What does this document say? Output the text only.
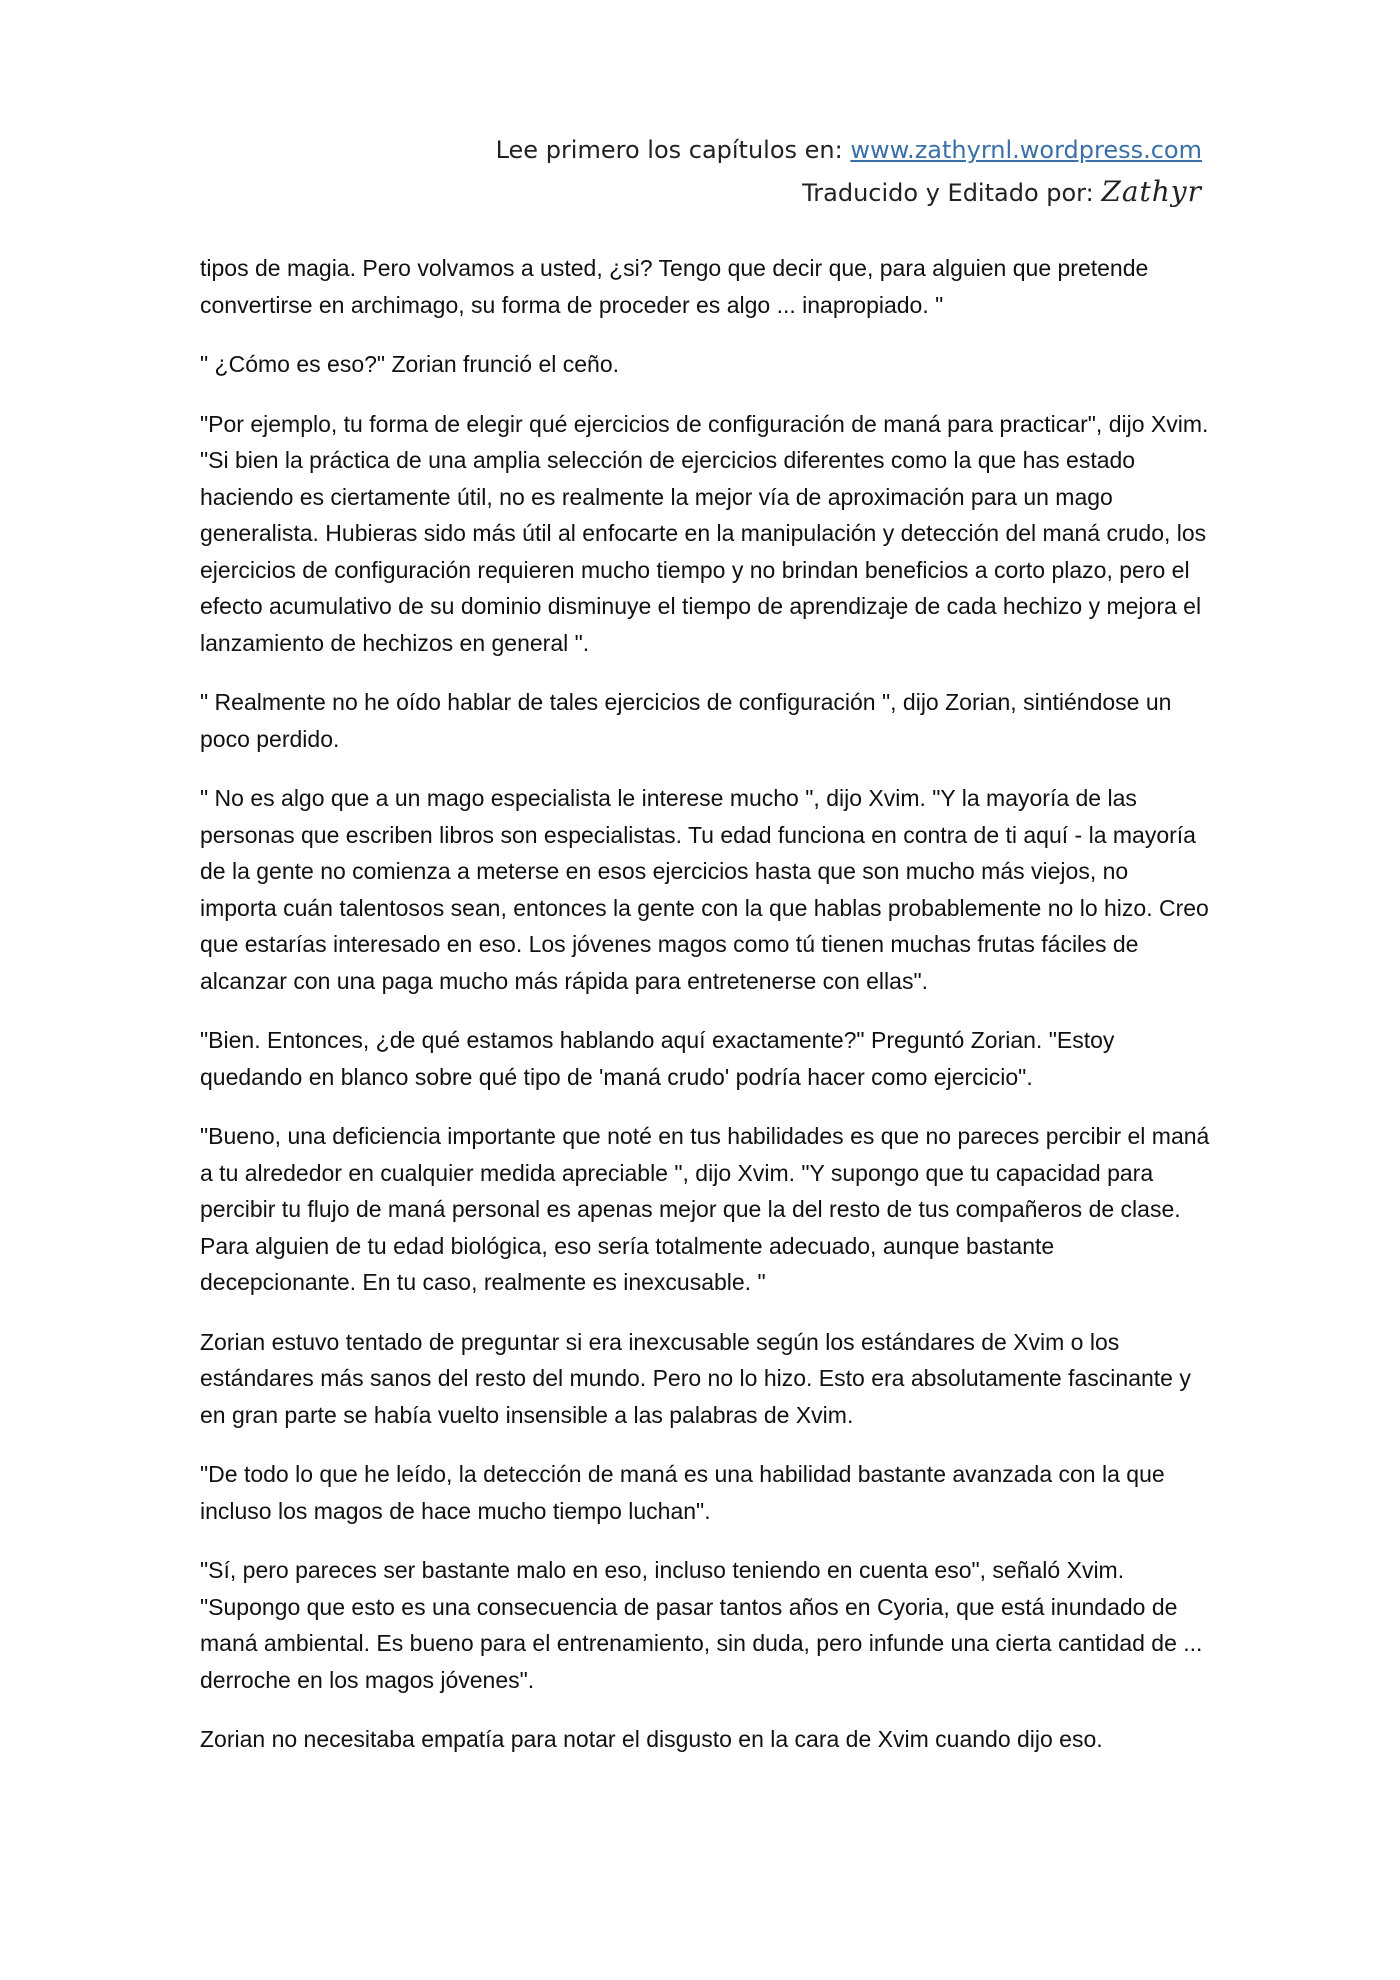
Lee primero los capítulos en: www.zathyrnl.wordpress.com
Traducido y Editado por: Zathyr

tipos de magia. Pero volvamos a usted, ¿si? Tengo que decir que, para alguien que pretende convertirse en archimago, su forma de proceder es algo ... inapropiado. "

" ¿Cómo es eso?" Zorian frunció el ceño.

"Por ejemplo, tu forma de elegir qué ejercicios de configuración de maná para practicar", dijo Xvim. "Si bien la práctica de una amplia selección de ejercicios diferentes como la que has estado haciendo es ciertamente útil, no es realmente la mejor vía de aproximación para un mago generalista. Hubieras sido más útil al enfocarte en la manipulación y detección del maná crudo, los ejercicios de configuración requieren mucho tiempo y no brindan beneficios a corto plazo, pero el efecto acumulativo de su dominio disminuye el tiempo de aprendizaje de cada hechizo y mejora el lanzamiento de hechizos en general ".

" Realmente no he oído hablar de tales ejercicios de configuración ", dijo Zorian, sintiéndose un poco perdido.

" No es algo que a un mago especialista le interese mucho ", dijo Xvim. "Y la mayoría de las personas que escriben libros son especialistas. Tu edad funciona en contra de ti aquí - la mayoría de la gente no comienza a meterse en esos ejercicios hasta que son mucho más viejos, no importa cuán talentosos sean, entonces la gente con la que hablas probablemente no lo hizo. Creo que estarías interesado en eso. Los jóvenes magos como tú tienen muchas frutas fáciles de alcanzar con una paga mucho más rápida para entretenerse con ellas".

"Bien. Entonces, ¿de qué estamos hablando aquí exactamente?" Preguntó Zorian. "Estoy quedando en blanco sobre qué tipo de 'maná crudo' podría hacer como ejercicio".

"Bueno, una deficiencia importante que noté en tus habilidades es que no pareces percibir el maná a tu alrededor en cualquier medida apreciable ", dijo Xvim. "Y supongo que tu capacidad para percibir tu flujo de maná personal es apenas mejor que la del resto de tus compañeros de clase. Para alguien de tu edad biológica, eso sería totalmente adecuado, aunque bastante decepcionante. En tu caso, realmente es inexcusable. "

Zorian estuvo tentado de preguntar si era inexcusable según los estándares de Xvim o los estándares más sanos del resto del mundo. Pero no lo hizo. Esto era absolutamente fascinante y en gran parte se había vuelto insensible a las palabras de Xvim.

"De todo lo que he leído, la detección de maná es una habilidad bastante avanzada con la que incluso los magos de hace mucho tiempo luchan".

"Sí, pero pareces ser bastante malo en eso, incluso teniendo en cuenta eso", señaló Xvim. "Supongo que esto es una consecuencia de pasar tantos años en Cyoria, que está inundado de maná ambiental. Es bueno para el entrenamiento, sin duda, pero infunde una cierta cantidad de ... derroche en los magos jóvenes".

Zorian no necesitaba empatía para notar el disgusto en la cara de Xvim cuando dijo eso.
